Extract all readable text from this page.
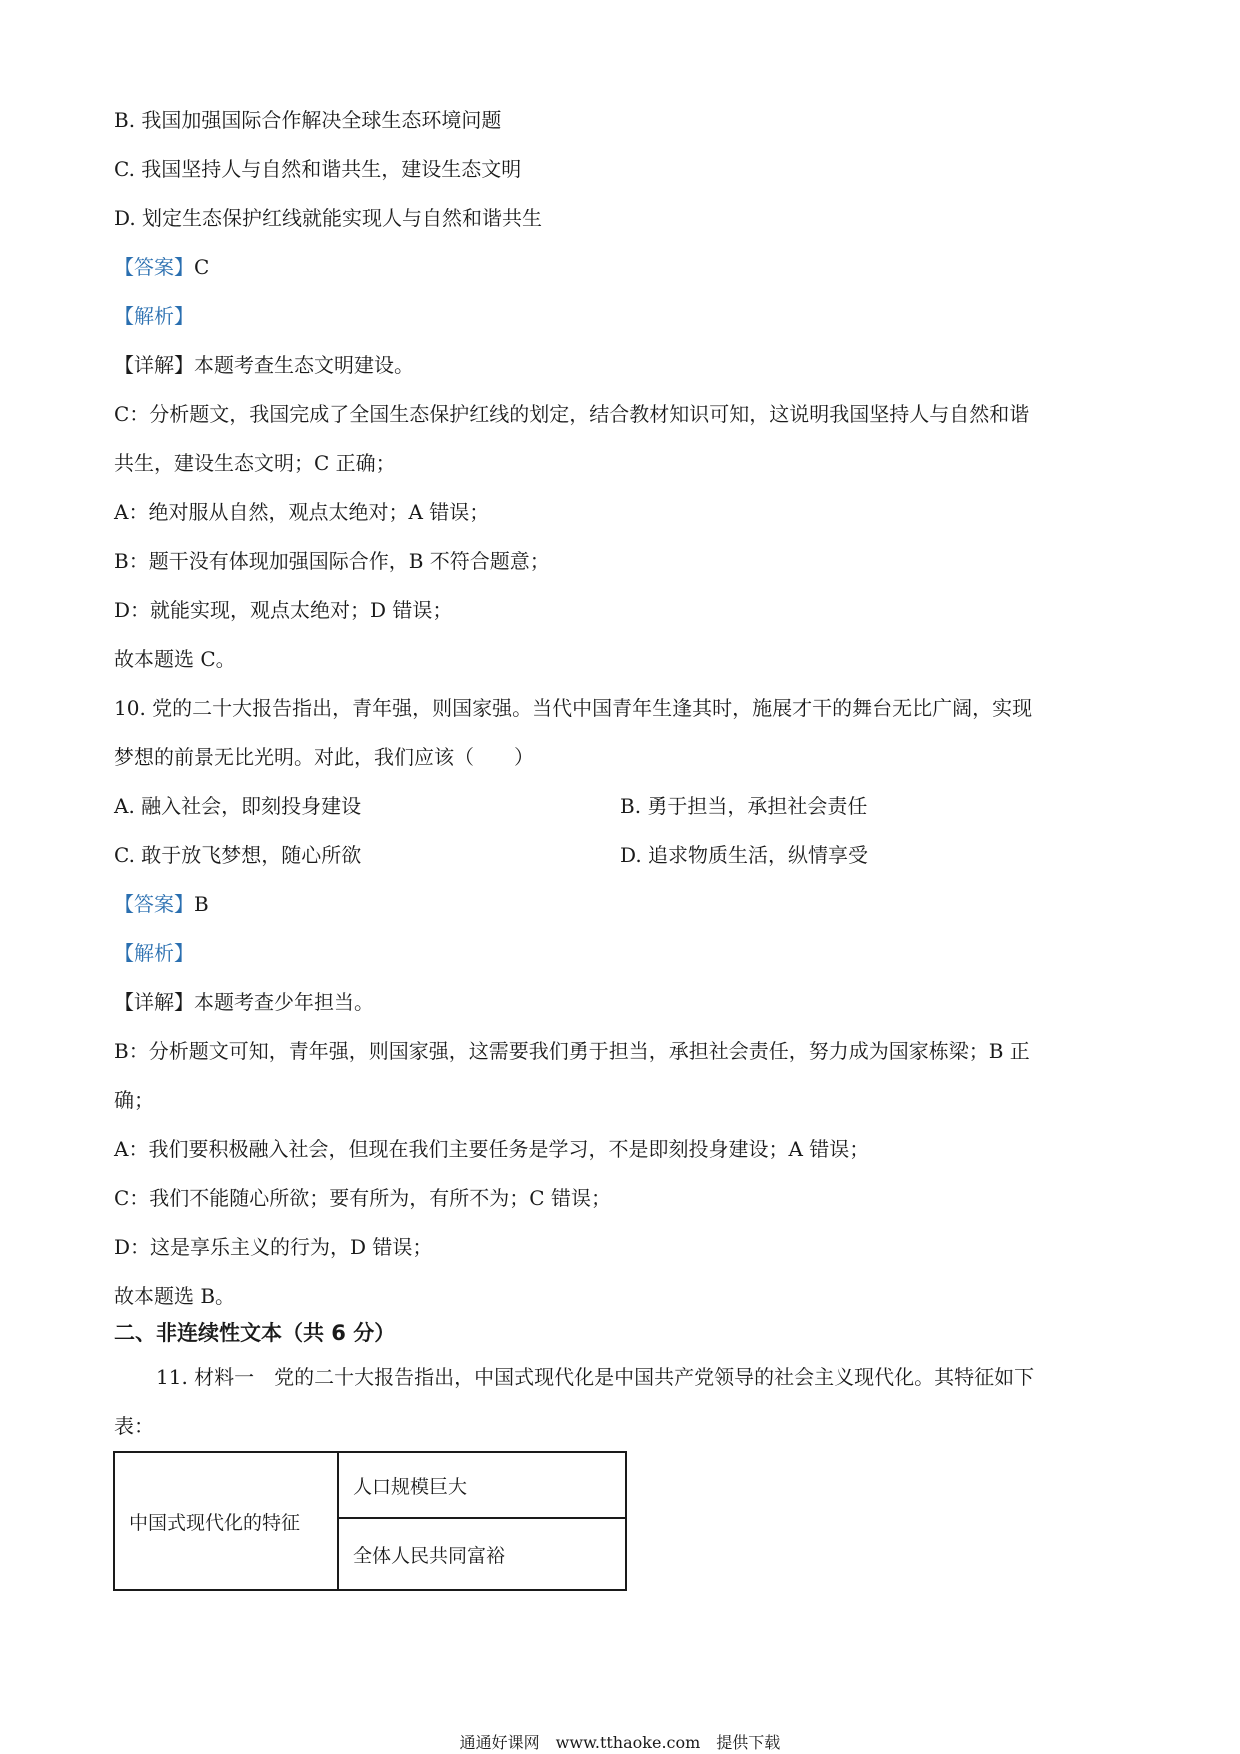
B. 我国加强国际合作解决全球生态环境问题
C. 我国坚持人与自然和谐共生，建设生态文明
D. 划定生态保护红线就能实现人与自然和谐共生
【答案】C
【解析】
【详解】本题考查生态文明建设。
C：分析题文，我国完成了全国生态保护红线的划定，结合教材知识可知，这说明我国坚持人与自然和谐
共生，建设生态文明；C 正确；
A：绝对服从自然，观点太绝对；A 错误；
B：题干没有体现加强国际合作，B 不符合题意；
D：就能实现，观点太绝对；D 错误；
故本题选 C。
10. 党的二十大报告指出，青年强，则国家强。当代中国青年生逢其时，施展才干的舞台无比广阔，实现
梦想的前景无比光明。对此，我们应该（　　）
A. 融入社会，即刻投身建设	B. 勇于担当，承担社会责任
C. 敢于放飞梦想，随心所欲	D. 追求物质生活，纵情享受
【答案】B
【解析】
【详解】本题考查少年担当。
B：分析题文可知，青年强，则国家强，这需要我们勇于担当，承担社会责任，努力成为国家栋梁；B 正
确；
A：我们要积极融入社会，但现在我们主要任务是学习，不是即刻投身建设；A 错误；
C：我们不能随心所欲；要有所为，有所不为；C 错误；
D：这是享乐主义的行为，D 错误；
故本题选 B。
二、非连续性文本（共 6 分）
11. 材料一　党的二十大报告指出，中国式现代化是中国共产党领导的社会主义现代化。其特征如下
表：
中国式现代化的特征	人口规模巨大
全体人民共同富裕
通通好课网　www.tthaoke.com　提供下载
